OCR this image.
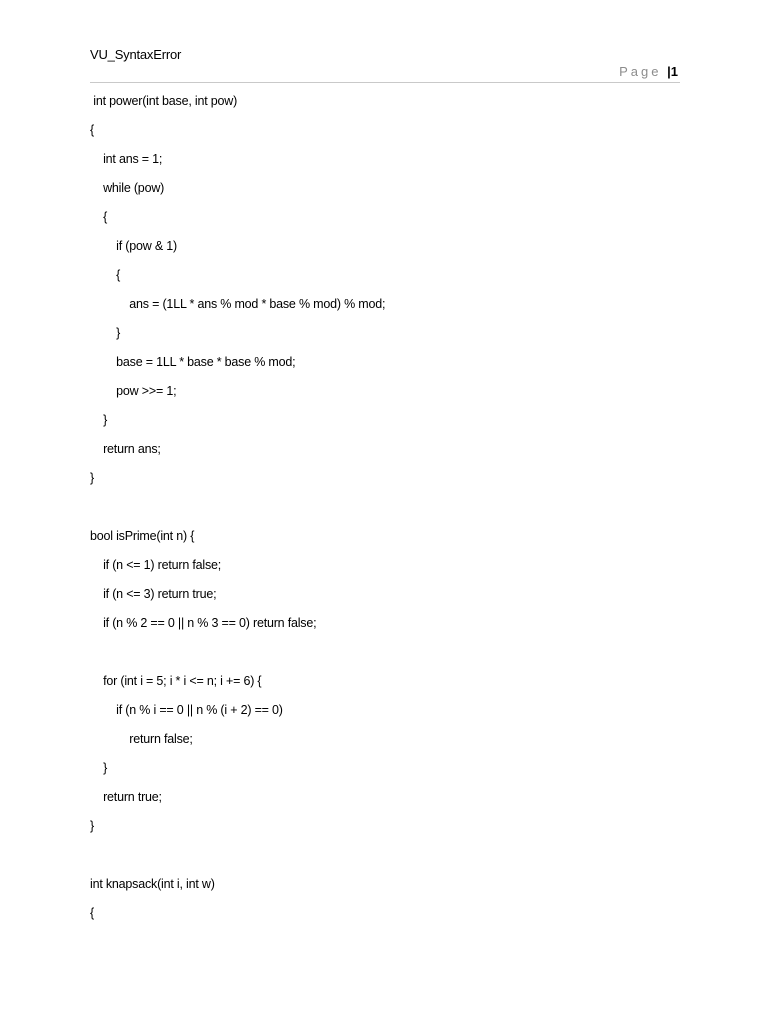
VU_SyntaxError
Page |1
int power(int base, int pow)
{
int ans = 1;
while (pow)
{
if (pow & 1)
{
ans = (1LL * ans % mod * base % mod) % mod;
}
base = 1LL * base * base % mod;
pow >>= 1;
}
return ans;
}
bool isPrime(int n) {
if (n <= 1) return false;
if (n <= 3) return true;
if (n % 2 == 0 || n % 3 == 0) return false;
for (int i = 5; i * i <= n; i += 6) {
if (n % i == 0 || n % (i + 2) == 0)
return false;
}
return true;
}
int knapsack(int i, int w)
{
